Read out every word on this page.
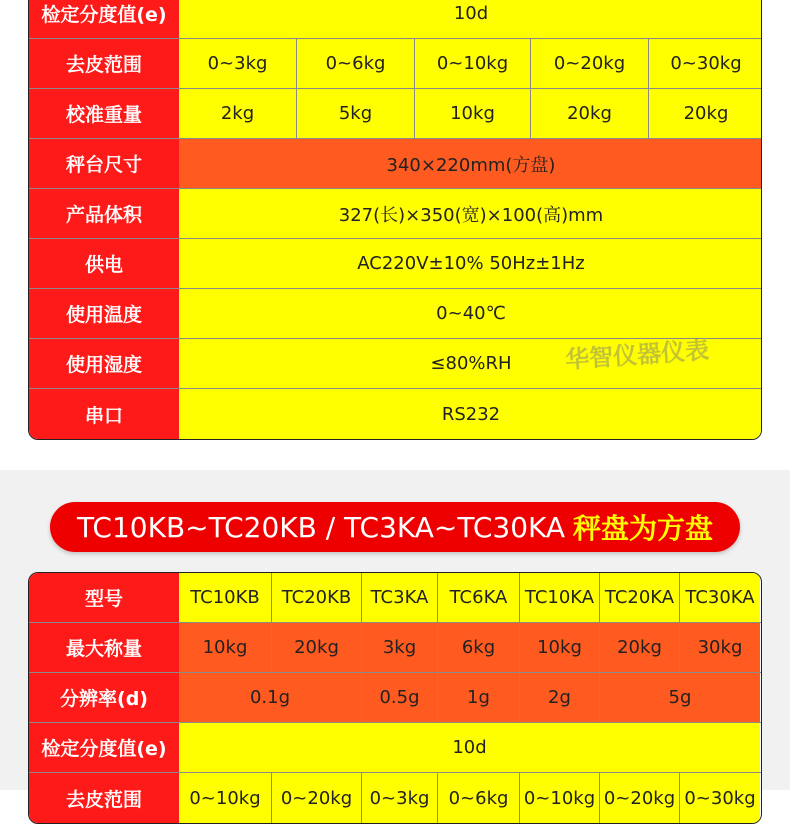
检定分度值(e)	10d
去皮范围	0~3kg	0~6kg	0~10kg	0~20kg	0~30kg
校准重量	2kg	5kg	10kg	20kg	20kg
秤台尺寸	340×220mm(方盘)
产品体积	327(长)×350(宽)×100(高)mm
供电	AC220V±10% 50Hz±1Hz
使用温度	0~40℃
使用湿度	≤80%RH
串口	RS232
华智仪器仪表
TC10KB~TC20KB / TC3KA~TC30KA 秤盘为方盘
型号	TC10KB	TC20KB	TC3KA	TC6KA TC10KA TC20KA TC30KA
最大称量	10kg	20kg	3kg	6kg	10kg	20kg	30kg
分辨率(d)	0.1g	0.5g	1g	2g	5g
检定分度值(e)	10d
去皮范围	0~10kg	0~20kg 0~3kg	0~6kg 0~10kg 0~20kg 0~30kg
